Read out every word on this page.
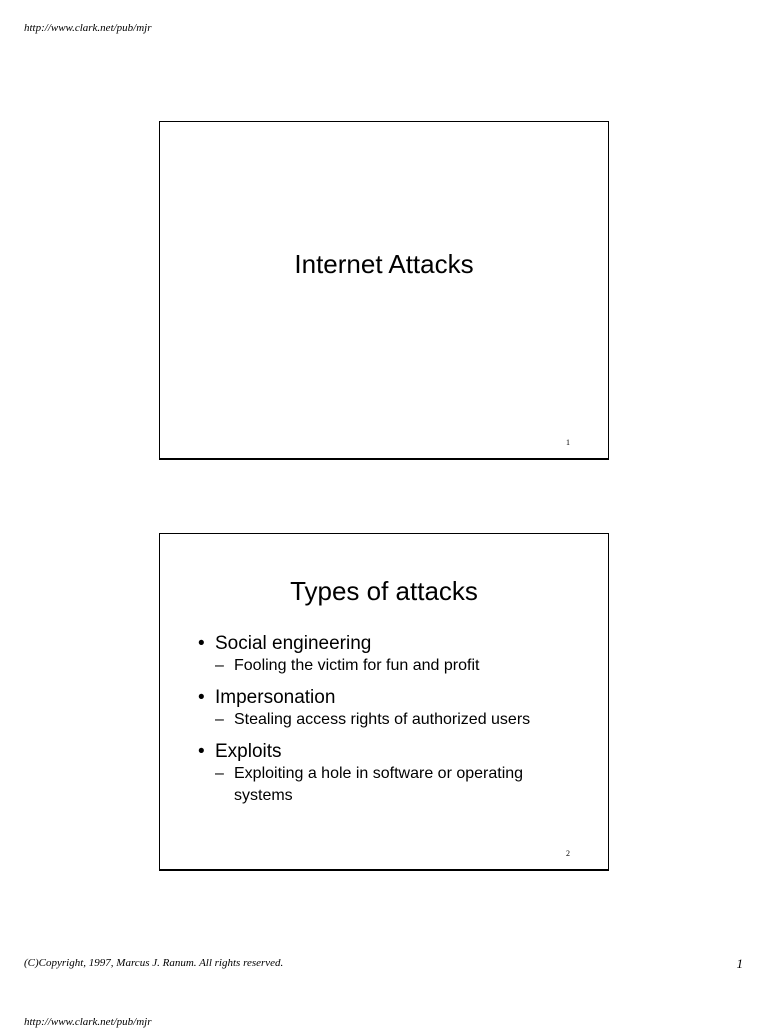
http://www.clark.net/pub/mjr
Internet Attacks
1
Types of attacks
• Social engineering
– Fooling the victim for fun and profit
• Impersonation
– Stealing access rights of authorized users
• Exploits
– Exploiting a hole in software or operating systems
2
(C)Copyright, 1997, Marcus J. Ranum. All rights reserved.	1
http://www.clark.net/pub/mjr
